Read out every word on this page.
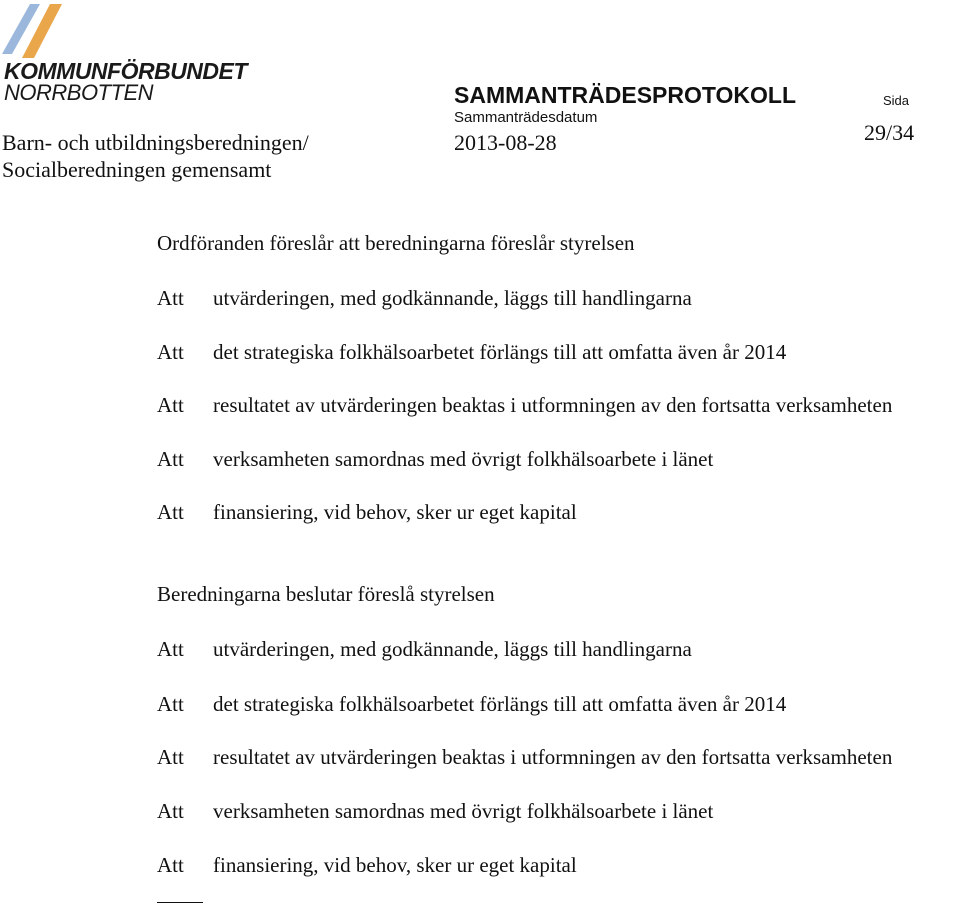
KOMMUNFÖRBUNDET
NORRBOTTEN	SAMMANTRÄDESPROTOKOLL
Sammanträdesdatum
2013-08-28
Sida
29/34
Barn- och utbildningsberedningen/
Socialberedningen gemensamt
Ordföranden föreslår att beredningarna föreslår styrelsen
Att utvärderingen, med godkännande, läggs till handlingarna
Att det strategiska folkhälsoarbetet förlängs till att omfatta även år 2014
Att resultatet av utvärderingen beaktas i utformningen av den fortsatta verksamheten
Att verksamheten samordnas med övrigt folkhälsoarbete i länet
Att finansiering, vid behov, sker ur eget kapital
Beredningarna beslutar föreslå styrelsen
Att utvärderingen, med godkännande, läggs till handlingarna
Att det strategiska folkhälsoarbetet förlängs till att omfatta även år 2014
Att resultatet av utvärderingen beaktas i utformningen av den fortsatta verksamheten
Att verksamheten samordnas med övrigt folkhälsoarbete i länet
Att finansiering, vid behov, sker ur eget kapital
